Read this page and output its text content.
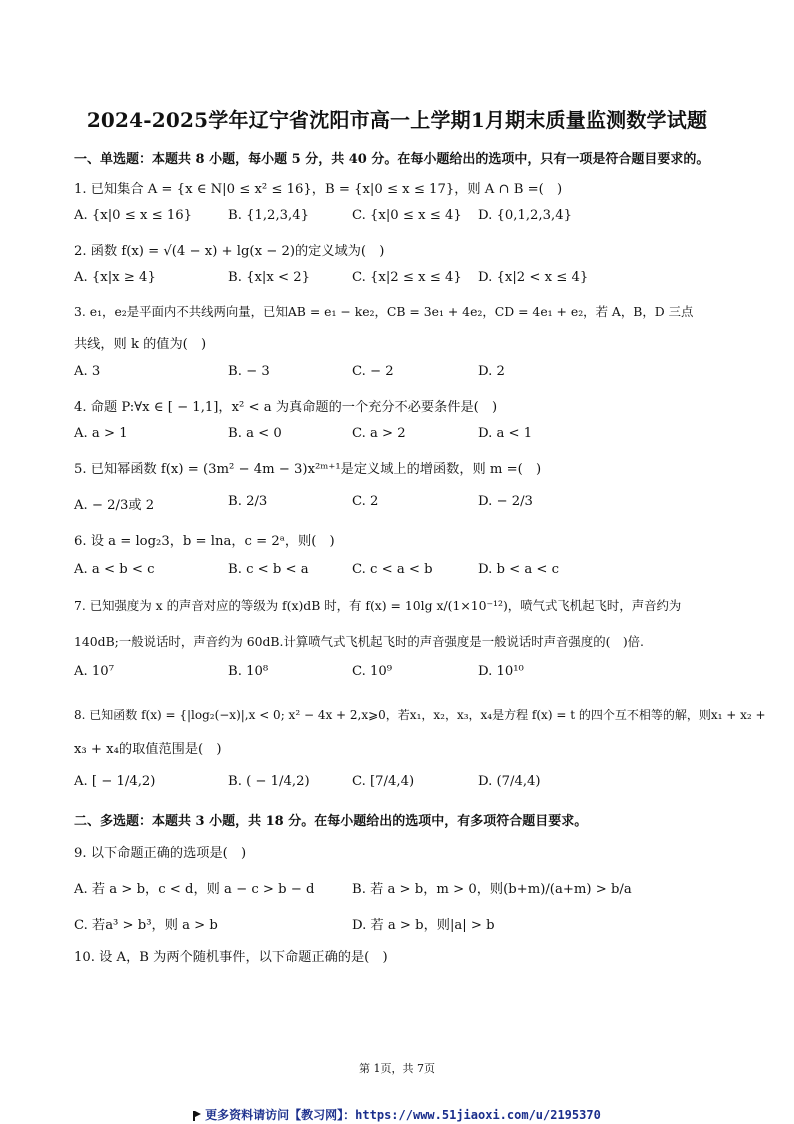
2024-2025学年辽宁省沈阳市高一上学期1月期末质量监测数学试题
一、单选题：本题共 8 小题，每小题 5 分，共 40 分。在每小题给出的选项中，只有一项是符合题目要求的。
1. 已知集合 A = {x ∈ N|0 ≤ x² ≤ 16}，B = {x|0 ≤ x ≤ 17}，则 A ∩ B =(　)
A. {x|0 ≤ x ≤ 16}	B. {1,2,3,4}	C. {x|0 ≤ x ≤ 4} D. {0,1,2,3,4}
2. 函数 f(x) = √(4 − x) + lg(x − 2)的定义域为(　)
A. {x|x ≥ 4}	B. {x|x < 2}	C. {x|2 ≤ x ≤ 4} D. {x|2 < x ≤ 4}
3. e₁，e₂是平面内不共线两向量，已知AB = e₁ − ke₂，CB = 3e₁ + 4e₂，CD = 4e₁ + e₂，若 A，B，D 三点
共线，则 k 的值为(　)
A. 3	B. − 3	C. − 2	D. 2
4. 命题 P:∀x ∈ [ − 1,1]，x² < a 为真命题的一个充分不必要条件是(　)
A. a > 1	B. a < 0	C. a > 2	D. a < 1
5. 已知幂函数 f(x) = (3m² − 4m − 3)x²ᵐ⁺¹是定义域上的增函数，则 m =(　)
A. − 2/3或 2	B. 2/3	C. 2	D. − 2/3
6. 设 a = log₂3，b = lna，c = 2ᵃ，则(　)
A. a < b < c	B. c < b < a	C. c < a < b	D. b < a < c
7. 已知强度为 x 的声音对应的等级为 f(x)dB 时，有 f(x) = 10lg x/(1×10⁻¹²)，喷气式飞机起飞时，声音约为
140dB;一般说话时，声音约为 60dB.计算喷气式飞机起飞时的声音强度是一般说话时声音强度的(　)倍.
A. 10⁷	B. 10⁸	C. 10⁹	D. 10¹⁰
8. 已知函数 f(x) = {|log₂(−x)|,x < 0; x² − 4x + 2,x⩾0，若x₁，x₂，x₃，x₄是方程 f(x) = t 的四个互不相等的解，则x₁ + x₂ +
x₃ + x₄的取值范围是(　)
A. [ − 1/4,2)	B. ( − 1/4,2)	C. [7/4,4)	D. (7/4,4)
二、多选题：本题共 3 小题，共 18 分。在每小题给出的选项中，有多项符合题目要求。
9. 以下命题正确的选项是(　)
A. 若 a > b，c < d，则 a − c > b − d	B. 若 a > b，m > 0，则(b+m)/(a+m) > b/a
C. 若a³ > b³，则 a > b	D. 若 a > b，则|a| > b
10. 设 A，B 为两个随机事件，以下命题正确的是(　)
第 1页，共 7页
更多资料请访问【教习网】：https://www.51jiaoxi.com/u/2195370
